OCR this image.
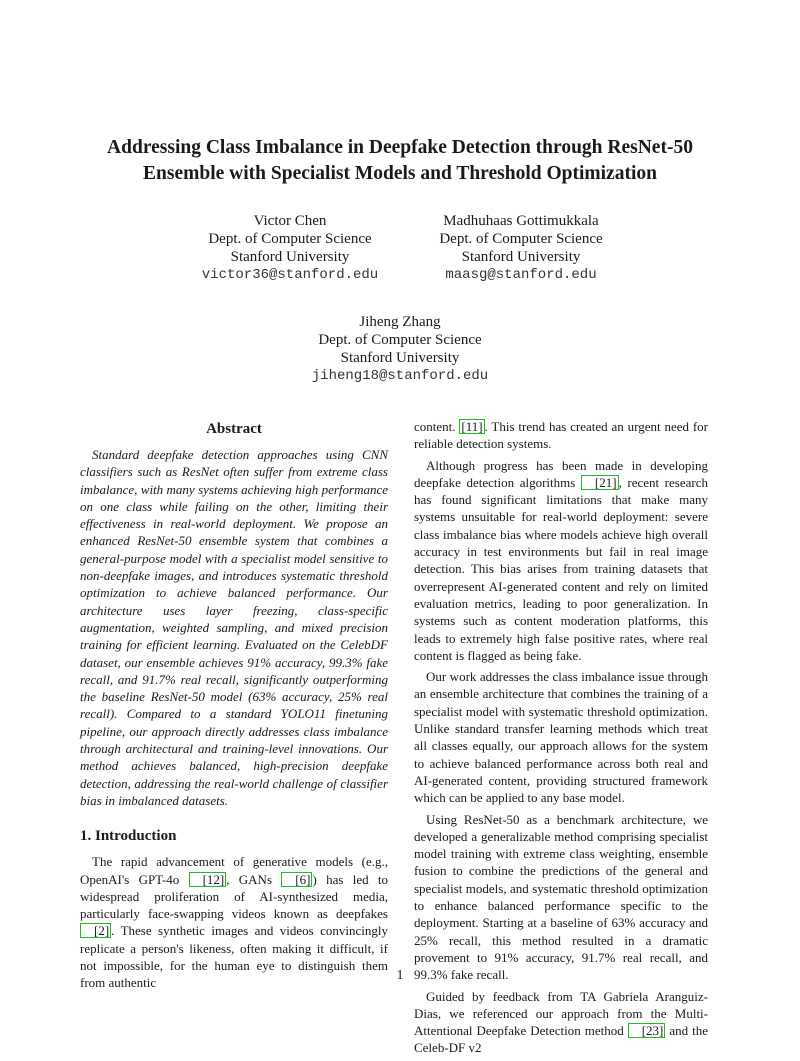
Addressing Class Imbalance in Deepfake Detection through ResNet-50
Ensemble with Specialist Models and Threshold Optimization
Victor Chen
Dept. of Computer Science
Stanford University
victor36@stanford.edu
Madhuhaas Gottimukkala
Dept. of Computer Science
Stanford University
maasg@stanford.edu
Jiheng Zhang
Dept. of Computer Science
Stanford University
jiheng18@stanford.edu
Abstract

Standard deepfake detection approaches using CNN classifiers such as ResNet often suffer from extreme class imbalance, with many systems achieving high performance on one class while failing on the other, limiting their effectiveness in real-world deployment. We propose an enhanced ResNet-50 ensemble system that combines a general-purpose model with a specialist model sensitive to non-deepfake images, and introduces systematic threshold optimization to achieve balanced performance. Our architecture uses layer freezing, class-specific augmentation, weighted sampling, and mixed precision training for efficient learning. Evaluated on the CelebDF dataset, our ensemble achieves 91% accuracy, 99.3% fake recall, and 91.7% real recall, significantly outperforming the baseline ResNet-50 model (63% accuracy, 25% real recall). Compared to a standard YOLO11 finetuning pipeline, our approach directly addresses class imbalance through architectural and training-level innovations. Our method achieves balanced, high-precision deepfake detection, addressing the real-world challenge of classifier bias in imbalanced datasets.

1. Introduction

The rapid advancement of generative models (e.g., OpenAI's GPT-4o [12] , GANs [6] ) has led to widespread proliferation of AI-synthesized media, particularly face-swapping videos known as deepfakes [2] . These synthetic images and videos convincingly replicate a person's likeness, often making it difficult, if not impossible, for the human eye to distinguish them from authentic

content. [11] . This trend has created an urgent need for reliable detection systems.

Although progress has been made in developing deepfake detection algorithms [21] , recent research has found significant limitations that make many systems unsuitable for real-world deployment: severe class imbalance bias where models achieve high overall accuracy in test environments but fail in real image detection. This bias arises from training datasets that overrepresent AI-generated content and rely on limited evaluation metrics, leading to poor generalization. In systems such as content moderation platforms, this leads to extremely high false positive rates, where real content is flagged as being fake.

Our work addresses the class imbalance issue through an ensemble architecture that combines the training of a specialist model with systematic threshold optimization. Unlike standard transfer learning methods which treat all classes equally, our approach allows for the system to achieve balanced performance across both real and AI-generated content, providing structured framework which can be applied to any base model.

Using ResNet-50 as a benchmark architecture, we developed a generalizable method comprising specialist model training with extreme class weighting, ensemble fusion to combine the predictions of the general and specialist models, and systematic threshold optimization to enhance balanced performance specific to the deployment. Starting at a baseline of 63% accuracy and 25% recall, this method resulted in a dramatic provement to 91% accuracy, 91.7% real recall, and 99.3% fake recall.

Guided by feedback from TA Gabriela Aranguiz-Dias, we referenced our approach from the Multi-Attentional Deepfake Detection method [23] and the Celeb-DF v2

1
